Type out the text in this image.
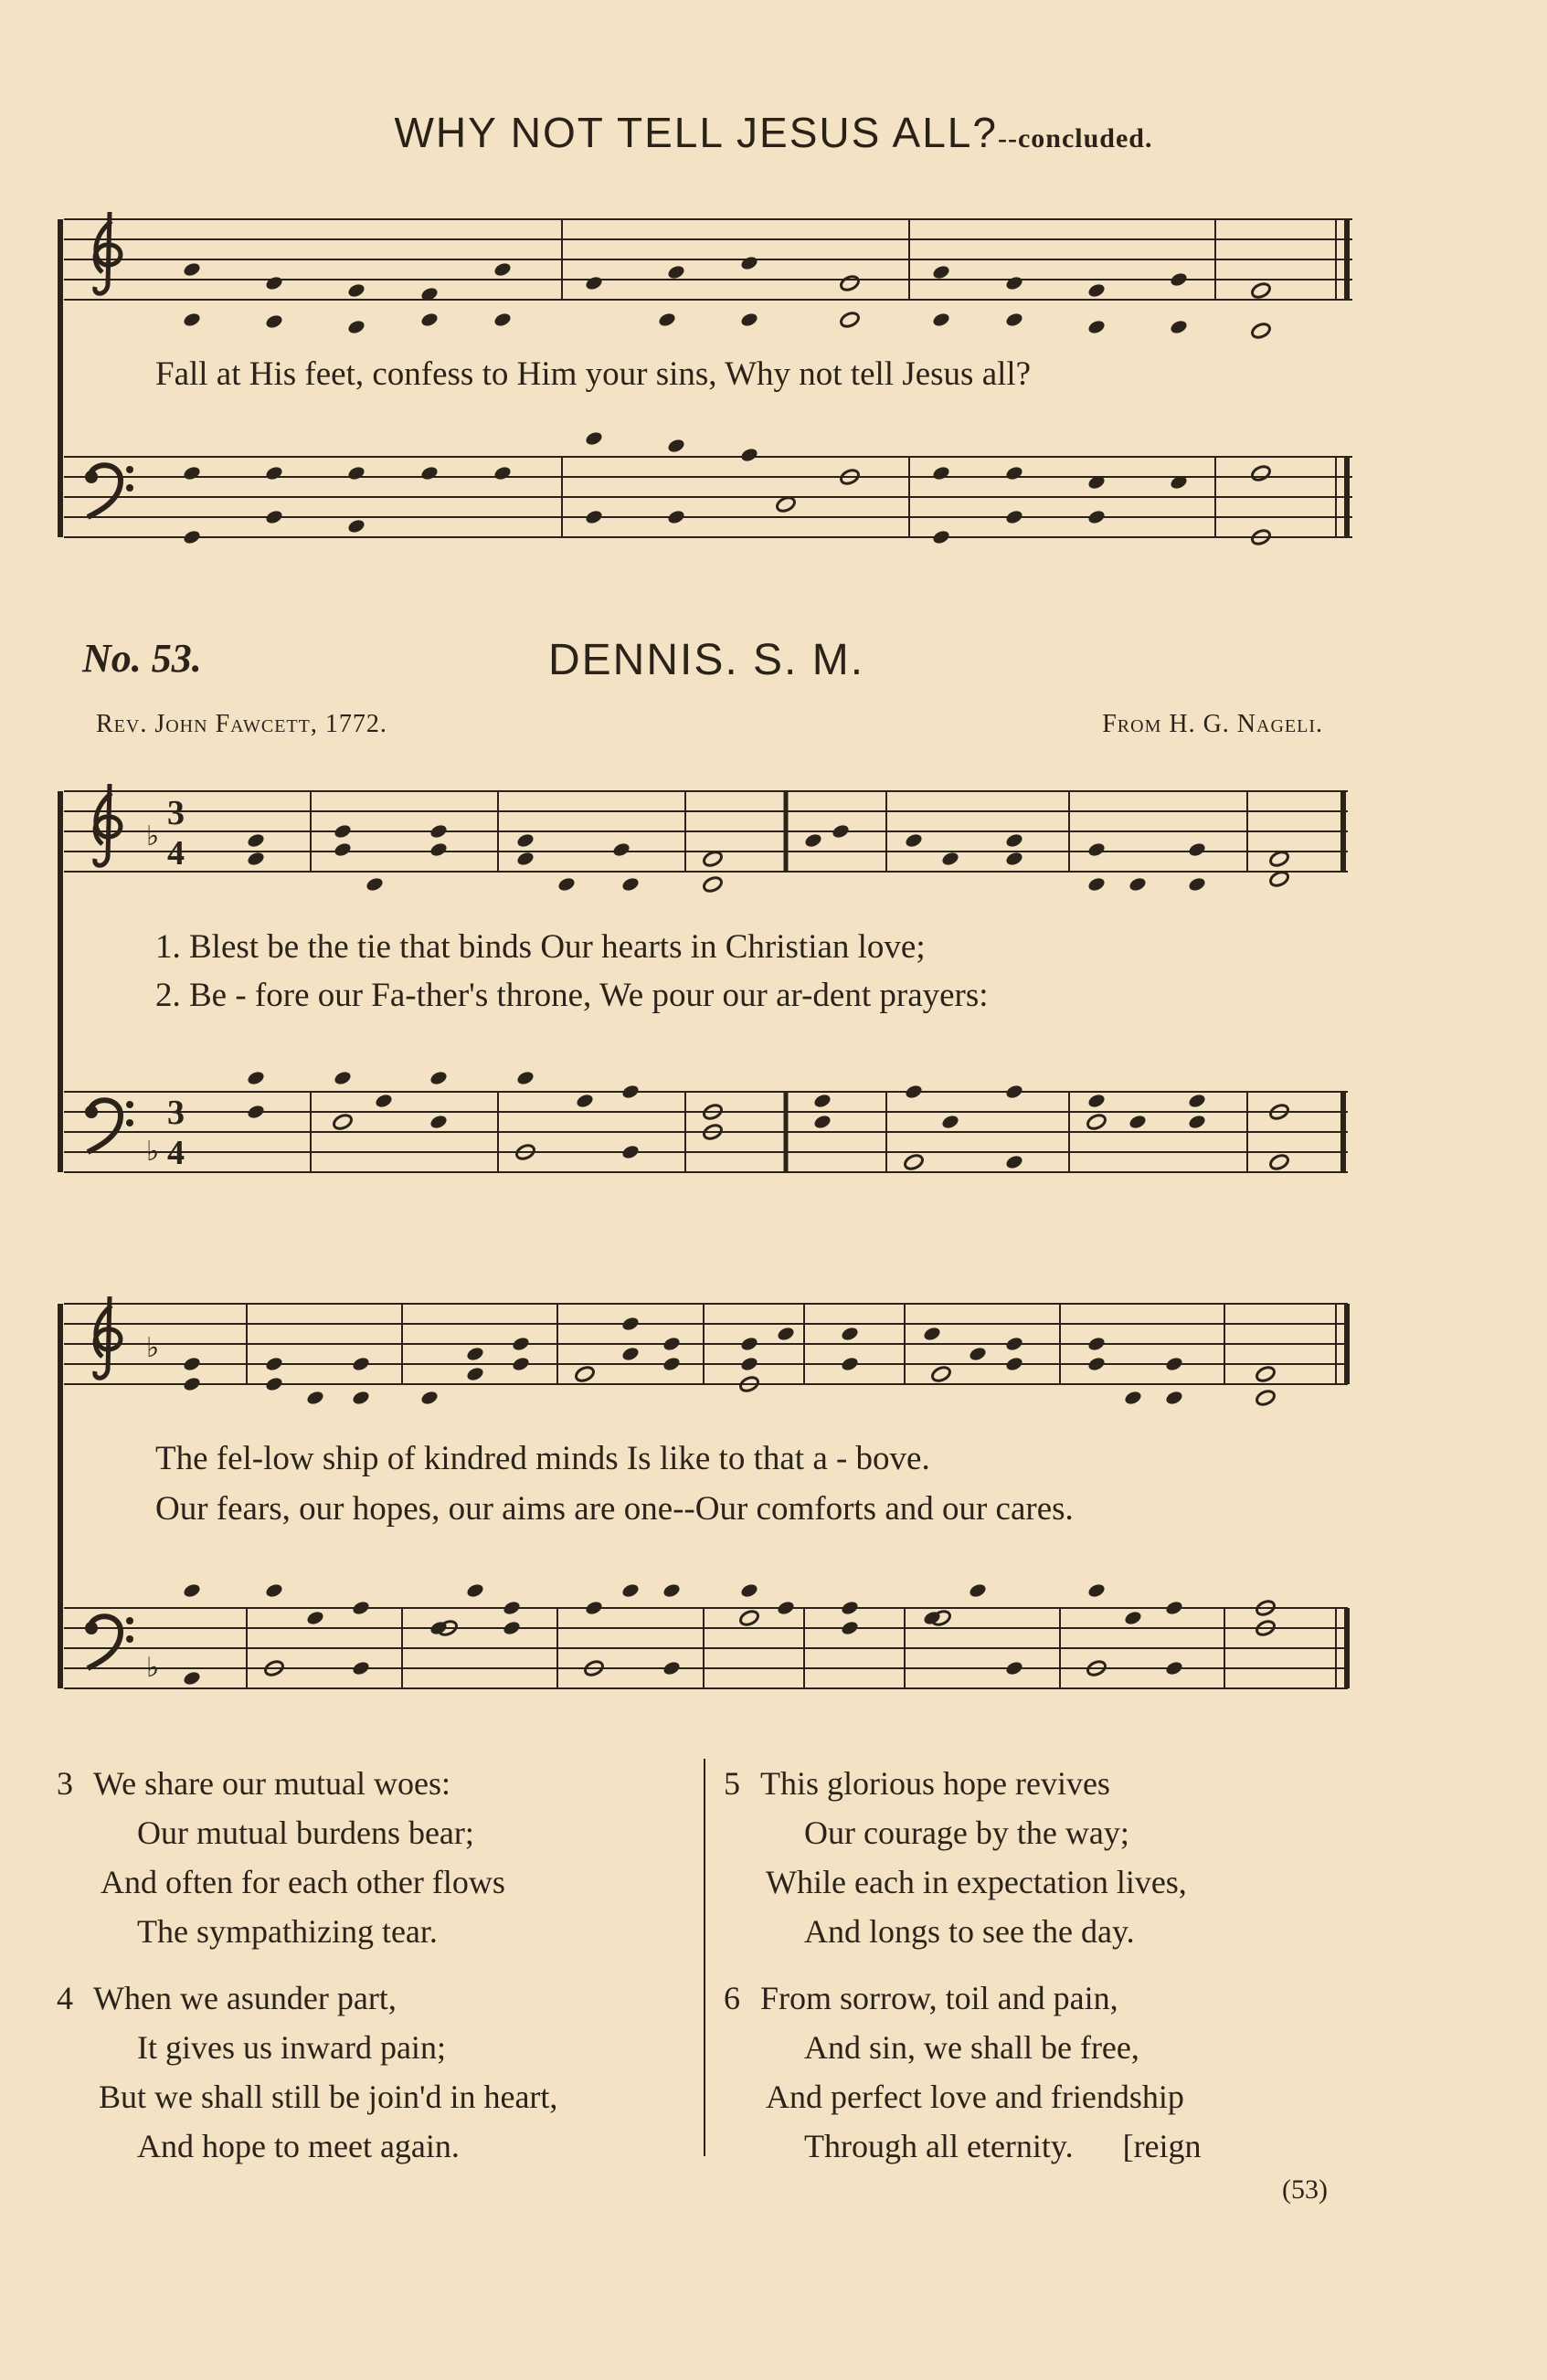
WHY NOT TELL JESUS ALL?--concluded.
3
4
♭
3
4
♭
♭
♭
Fall at His feet, confess to Him your sins, Why not tell Jesus all?
No. 53.	DENNIS. S. M.
Rev. John Fawcett, 1772.	From H. G. Nageli.
1. Blest be the tie that binds Our hearts in Christian love;
2. Be - fore our Fa-ther's throne, We pour our ar-dent prayers:
The fel-low ship of kindred minds Is like to that a - bove.
Our fears, our hopes, our aims are one--Our comforts and our cares.
3 We share our mutual woes:
Our mutual burdens bear;
And often for each other flows
The sympathizing tear.
4 When we asunder part,
It gives us inward pain;
But we shall still be join'd in heart,
And hope to meet again.
5 This glorious hope revives
Our courage by the way;
While each in expectation lives,
And longs to see the day.
6 From sorrow, toil and pain,
And sin, we shall be free,
And perfect love and friendship
Through all eternity.      [reign
(53)
